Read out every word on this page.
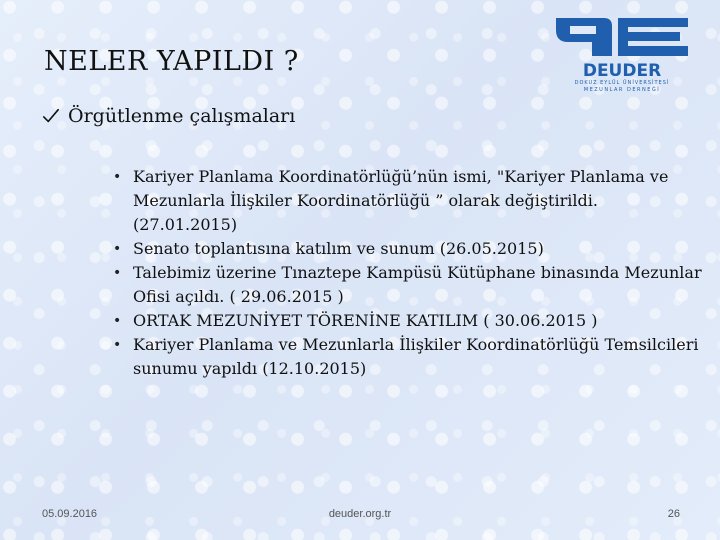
NELER YAPILDI ?
Örgütlenme çalışmaları
DEUDER
DOKUZ EYLÜL ÜNİVERSİTESİ
MEZUNLAR DERNEĞİ
• Kariyer Planlama Koordinatörlüğü’nün ismi, "Kariyer Planlama ve Mezunlarla İlişkiler Koordinatörlüğü ” olarak değiştirildi. (27.01.2015)
• Senato toplantısına katılım ve sunum (26.05.2015)
• Talebimiz üzerine Tınaztepe Kampüsü Kütüphane binasında Mezunlar Ofisi açıldı. ( 29.06.2015 )
• ORTAK MEZUNİYET TÖRENİNE KATILIM ( 30.06.2015 )
• Kariyer Planlama ve Mezunlarla İlişkiler Koordinatörlüğü Temsilcileri sunumu yapıldı (12.10.2015)
05.09.2016	deuder.org.tr	26
